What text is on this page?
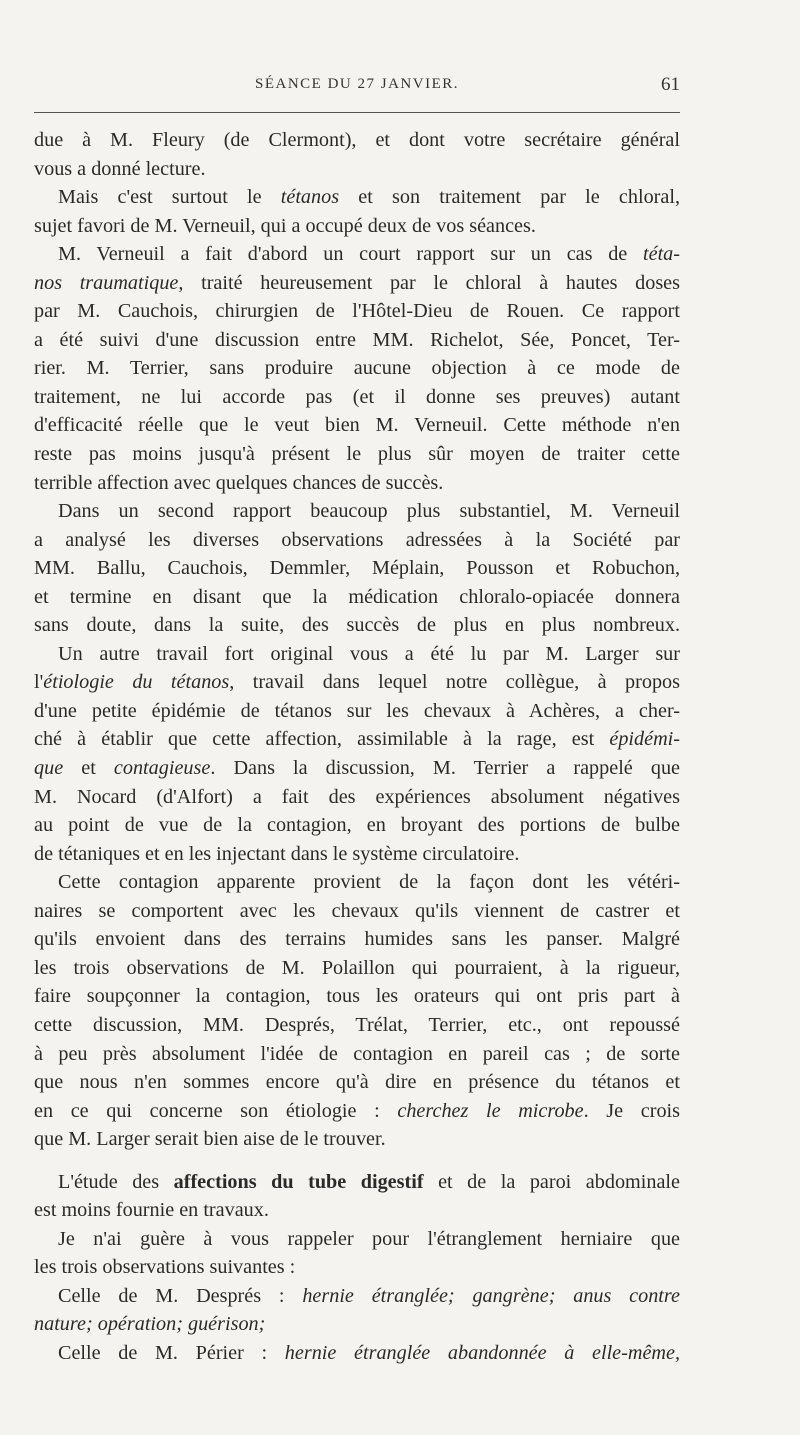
SÉANCE DU 27 JANVIER.	61
due à M. Fleury (de Clermont), et dont votre secrétaire général
vous a donné lecture.
Mais c'est surtout le tétanos et son traitement par le chloral,
sujet favori de M. Verneuil, qui a occupé deux de vos séances.
M. Verneuil a fait d'abord un court rapport sur un cas de téta-
nos traumatique, traité heureusement par le chloral à hautes doses
par M. Cauchois, chirurgien de l'Hôtel-Dieu de Rouen. Ce rapport
a été suivi d'une discussion entre MM. Richelot, Sée, Poncet, Ter-
rier. M. Terrier, sans produire aucune objection à ce mode de
traitement, ne lui accorde pas (et il donne ses preuves) autant
d'efficacité réelle que le veut bien M. Verneuil. Cette méthode n'en
reste pas moins jusqu'à présent le plus sûr moyen de traiter cette
terrible affection avec quelques chances de succès.
Dans un second rapport beaucoup plus substantiel, M. Verneuil
a analysé les diverses observations adressées à la Société par
MM. Ballu, Cauchois, Demmler, Méplain, Pousson et Robuchon,
et termine en disant que la médication chloralo-opiacée donnera
sans doute, dans la suite, des succès de plus en plus nombreux.
Un autre travail fort original vous a été lu par M. Larger sur
l'étiologie du tétanos, travail dans lequel notre collègue, à propos
d'une petite épidémie de tétanos sur les chevaux à Achères, a cher-
ché à établir que cette affection, assimilable à la rage, est épidémi-
que et contagieuse. Dans la discussion, M. Terrier a rappelé que
M. Nocard (d'Alfort) a fait des expériences absolument négatives
au point de vue de la contagion, en broyant des portions de bulbe
de tétaniques et en les injectant dans le système circulatoire.
Cette contagion apparente provient de la façon dont les vétéri-
naires se comportent avec les chevaux qu'ils viennent de castrer et
qu'ils envoient dans des terrains humides sans les panser. Malgré
les trois observations de M. Polaillon qui pourraient, à la rigueur,
faire soupçonner la contagion, tous les orateurs qui ont pris part à
cette discussion, MM. Després, Trélat, Terrier, etc., ont repoussé
à peu près absolument l'idée de contagion en pareil cas ; de sorte
que nous n'en sommes encore qu'à dire en présence du tétanos et
en ce qui concerne son étiologie : cherchez le microbe. Je crois
que M. Larger serait bien aise de le trouver.
L'étude des affections du tube digestif et de la paroi abdominale
est moins fournie en travaux.
Je n'ai guère à vous rappeler pour l'étranglement herniaire que
les trois observations suivantes :
Celle de M. Després : hernie étranglée; gangrène; anus contre
nature; opération; guérison;
Celle de M. Périer : hernie étranglée abandonnée à elle-même,
